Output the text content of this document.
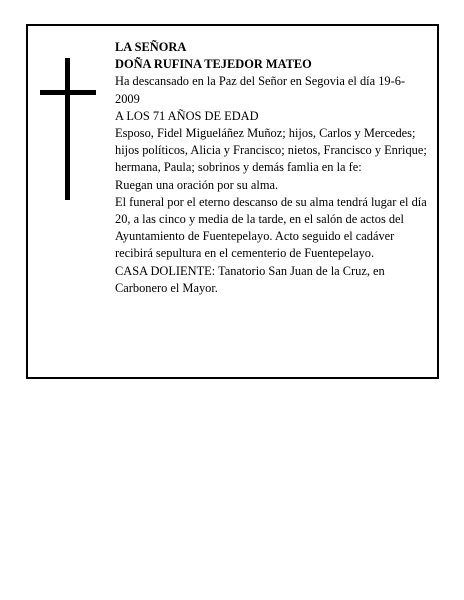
LA SEÑORA

DOÑA RUFINA TEJEDOR MATEO

Ha descansado en la Paz del Señor en Segovia el día 19-6-2009

A LOS 71 AÑOS DE EDAD

Esposo, Fidel Migueláñez Muñoz; hijos, Carlos y Mercedes; hijos políticos, Alicia y Francisco; nietos, Francisco y Enrique; hermana, Paula; sobrinos y demás famlia en la fe:

Ruegan una oración por su alma.

El funeral por el eterno descanso de su alma tendrá lugar el día 20, a las cinco y media de la tarde, en el salón de actos del Ayuntamiento de Fuentepelayo. Acto seguido el cadáver recibirá sepultura en el cementerio de Fuentepelayo.

CASA DOLIENTE: Tanatorio San Juan de la Cruz, en Carbonero el Mayor.
